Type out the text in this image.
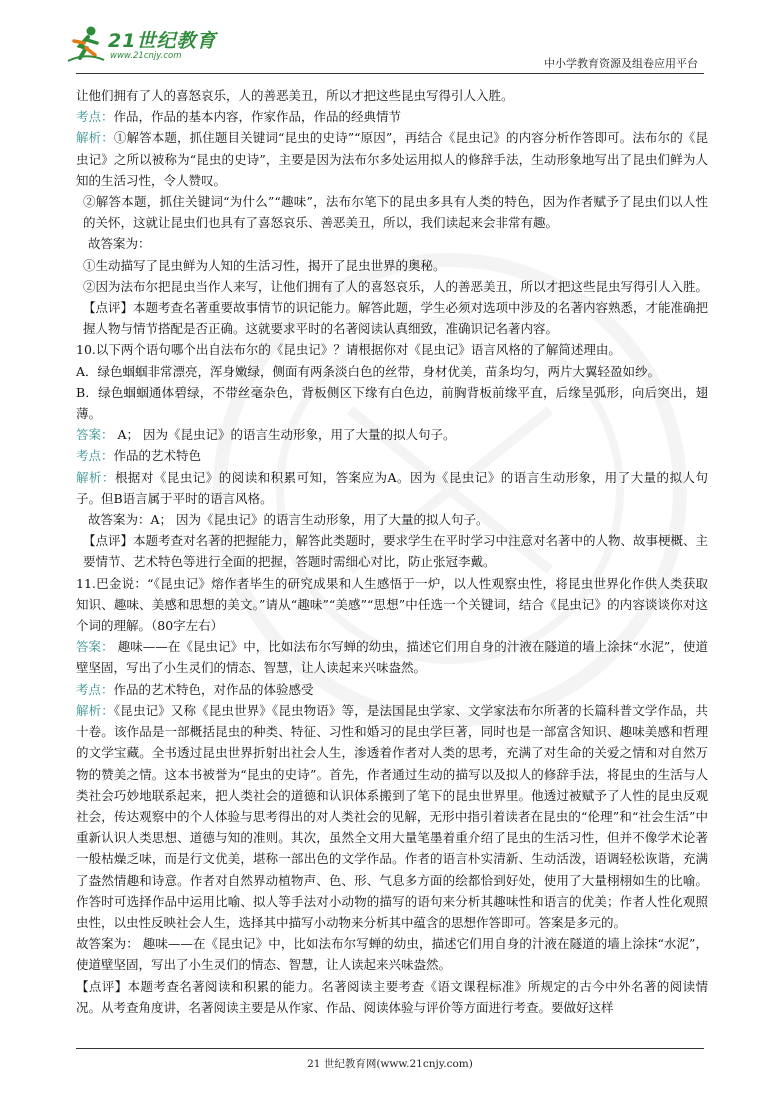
21世纪教育
www.21cnjy.com
中小学教育资源及组卷应用平台

让他们拥有了人的喜怒哀乐，人的善恶美丑，所以才把这些昆虫写得引人入胜。

考点：作品，作品的基本内容，作家作品，作品的经典情节

解析：①解答本题，抓住题目关键词“昆虫的史诗”“原因”，再结合《昆虫记》的内容分析作答即可。法布尔的《昆虫记》之所以被称为“昆虫的史诗”，主要是因为法布尔多处运用拟人的修辞手法，生动形象地写出了昆虫们鲜为人知的生活习性，令人赞叹。

②解答本题，抓住关键词“为什么”“趣味”，法布尔笔下的昆虫多具有人类的特色，因为作者赋予了昆虫们以人性的关怀，这就让昆虫们也具有了喜怒哀乐、善恶美丑，所以，我们读起来会非常有趣。

故答案为：

①生动描写了昆虫鲜为人知的生活习性，揭开了昆虫世界的奥秘。

②因为法布尔把昆虫当作人来写，让他们拥有了人的喜怒哀乐，人的善恶美丑，所以才把这些昆虫写得引人入胜。

【点评】本题考查名著重要故事情节的识记能力。解答此题，学生必须对选项中涉及的名著内容熟悉，才能准确把握人物与情节搭配是否正确。这就要求平时的名著阅读认真细致，准确识记名著内容。

10.以下两个语句哪个出自法布尔的《昆虫记》？请根据你对《昆虫记》语言风格的了解简述理由。

A．绿色蝈蝈非常漂亮，浑身嫩绿，侧面有两条淡白色的丝带，身材优美，苗条均匀，两片大翼轻盈如纱。

B．绿色蝈蝈通体碧绿，不带丝毫杂色，背板侧区下缘有白色边，前胸背板前缘平直，后缘呈弧形，向后突出，翅薄。

答案： A； 因为《昆虫记》的语言生动形象，用了大量的拟人句子。

考点：作品的艺术特色

解析：根据对《昆虫记》的阅读和积累可知，答案应为A。因为《昆虫记》的语言生动形象，用了大量的拟人句子。但B语言属于平时的语言风格。

故答案为：A； 因为《昆虫记》的语言生动形象，用了大量的拟人句子。

【点评】本题考查对名著的把握能力，解答此类题时，要求学生在平时学习中注意对名著中的人物、故事梗概、主要情节、艺术特色等进行全面的把握，答题时需细心对比，防止张冠李戴。

11.巴金说：“《昆虫记》熔作者毕生的研究成果和人生感悟于一炉，以人性观察虫性，将昆虫世界化作供人类获取知识、趣味、美感和思想的美文。”请从“趣味”“美感”“思想”中任选一个关键词，结合《昆虫记》的内容谈谈你对这个词的理解。（80字左右）

答案： 趣味——在《昆虫记》中，比如法布尔写蝉的幼虫，描述它们用自身的汁液在隧道的墙上涂抹“水泥”，使道壁坚固，写出了小生灵们的情态、智慧，让人读起来兴味盎然。

考点：作品的艺术特色，对作品的体验感受

解析：《昆虫记》又称《昆虫世界》《昆虫物语》等，是法国昆虫学家、文学家法布尔所著的长篇科普文学作品，共十卷。该作品是一部概括昆虫的种类、特征、习性和婚习的昆虫学巨著，同时也是一部富含知识、趣味美感和哲理的文学宝藏。全书透过昆虫世界折射出社会人生，渗透着作者对人类的思考，充满了对生命的关爱之情和对自然万物的赞美之情。这本书被誉为“昆虫的史诗”。首先，作者通过生动的描写以及拟人的修辞手法，将昆虫的生活与人类社会巧妙地联系起来，把人类社会的道德和认识体系搬到了笔下的昆虫世界里。他透过被赋予了人性的昆虫反观社会，传达观察中的个人体验与思考得出的对人类社会的见解，无形中指引着读者在昆虫的“伦理”和“社会生活”中重新认识人类思想、道德与知的准则。其次，虽然全文用大量笔墨着重介绍了昆虫的生活习性，但并不像学术论著一般枯燥乏味，而是行文优美，堪称一部出色的文学作品。作者的语言朴实清新、生动活泼，语调轻松诙谐，充满了盎然情趣和诗意。作者对自然界动植物声、色、形、气息多方面的绘都恰到好处，使用了大量栩栩如生的比喻。作答时可选择作品中运用比喻、拟人等手法对小动物的描写的语句来分析其趣味性和语言的优美；作者人性化观照虫性，以虫性反映社会人生，选择其中描写小动物来分析其中蕴含的思想作答即可。答案是多元的。

故答案为： 趣味——在《昆虫记》中，比如法布尔写蝉的幼虫，描述它们用自身的汁液在隧道的墙上涂抹“水泥”，使道壁坚固，写出了小生灵们的情态、智慧，让人读起来兴味盎然。

【点评】本题考查名著阅读和积累的能力。名著阅读主要考查《语文课程标准》所规定的古今中外名著的阅读情况。从考查角度讲，名著阅读主要是从作家、作品、阅读体验与评价等方面进行考查。要做好这样

21 世纪教育网(www.21cnjy.com)
